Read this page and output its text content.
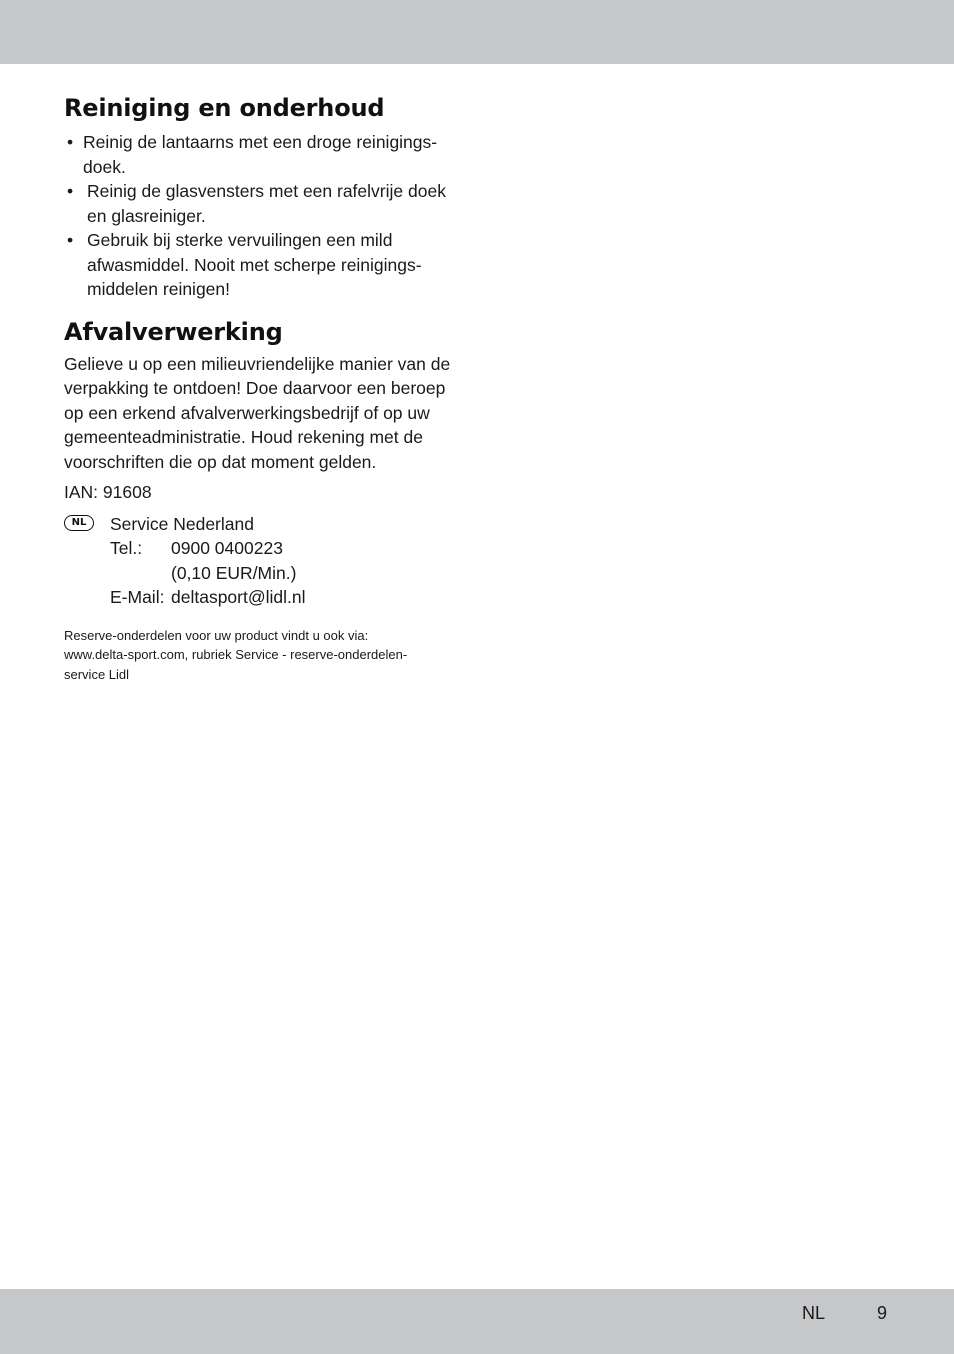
Reiniging en onderhoud
• Reinig de lantaarns met een droge reinigings-
doek.
• Reinig de glasvensters met een rafelvrije doek en glasreiniger.
• Gebruik bij sterke vervuilingen een mild afwasmiddel. Nooit met scherpe reinigings-
middelen reinigen!
Afvalverwerking

Gelieve u op een milieuvriendelijke manier van de verpakking te ontdoen! Doe daarvoor een beroep op een erkend afvalverwerkingsbedrijf of op uw gemeenteadministratie. Houd rekening met de voorschriften die op dat moment gelden.

IAN: 91608
NL	Service Nederland
Tel.:	0900 0400223
(0,10 EUR/Min.)
E-Mail: deltasport@lidl.nl
Reserve-onderdelen voor uw product vindt u ook via:
www.delta-sport.com, rubriek Service - reserve-onderdelen-
service Lidl
NL	9
